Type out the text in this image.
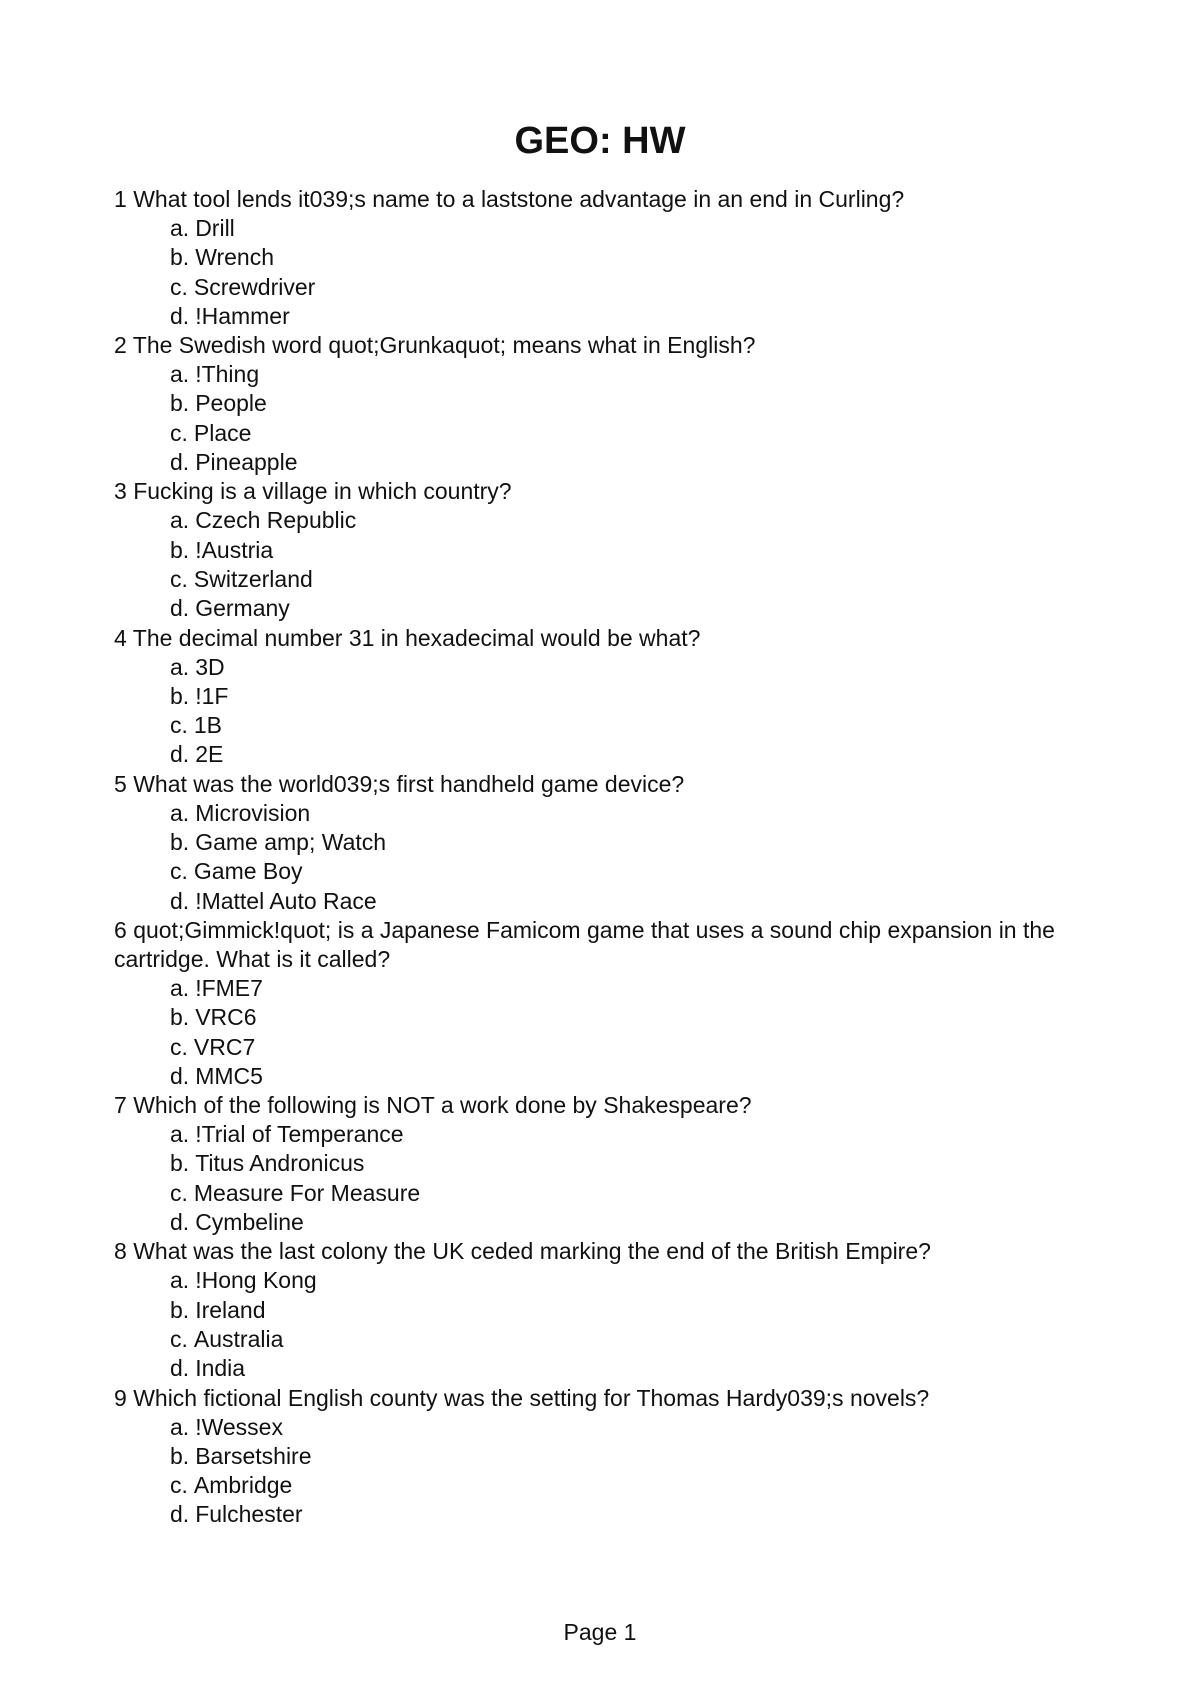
GEO: HW

1 What tool lends it039;s name to a laststone advantage in an end in Curling?

a. Drill
b. Wrench
c. Screwdriver
d. !Hammer

2 The Swedish word quot;Grunkaquot; means what in English?

a. !Thing
b. People
c. Place
d. Pineapple

3 Fucking is a village in which country?

a. Czech Republic
b. !Austria
c. Switzerland
d. Germany

4 The decimal number 31 in hexadecimal would be what?

a. 3D
b. !1F
c. 1B
d. 2E

5 What was the world039;s first handheld game device?

a. Microvision
b. Game amp; Watch
c. Game Boy
d. !Mattel Auto Race

6 quot;Gimmick!quot; is a Japanese Famicom game that uses a sound chip expansion in the cartridge. What is it called?

a. !FME7
b. VRC6
c. VRC7
d. MMC5

7 Which of the following is NOT a work done by Shakespeare?

a. !Trial of Temperance
b. Titus Andronicus
c. Measure For Measure
d. Cymbeline

8 What was the last colony the UK ceded marking the end of the British Empire?

a. !Hong Kong
b. Ireland
c. Australia
d. India

9 Which fictional English county was the setting for Thomas Hardy039;s novels?

a. !Wessex
b. Barsetshire
c. Ambridge
d. Fulchester
Page 1
